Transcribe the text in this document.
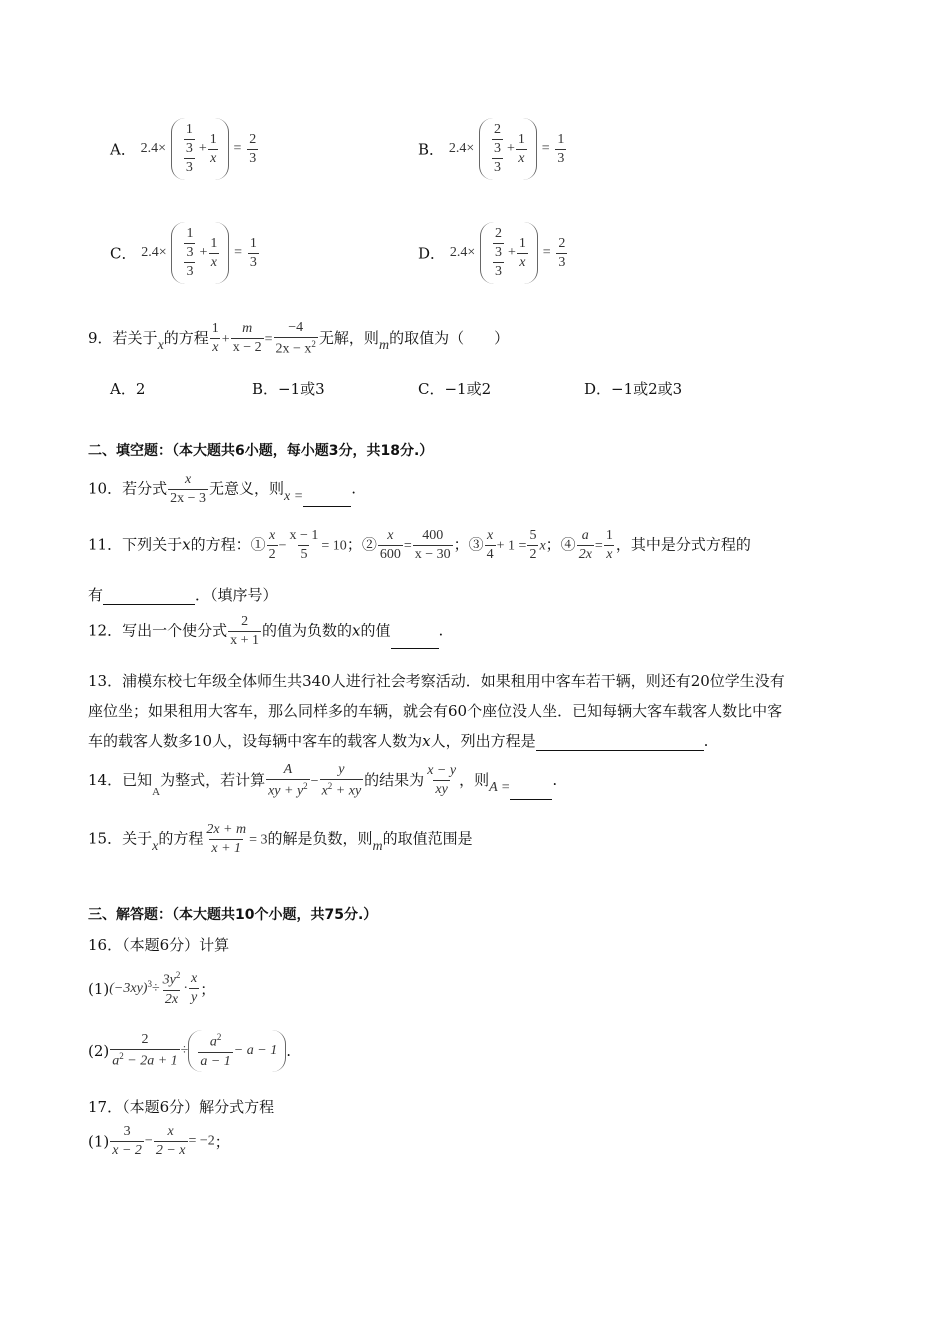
A． $2.4\times \frac{\frac{1}{3}}{3} + \frac{1}{x} = \frac{2}{3}$	B． $2.4\times \frac{\frac{2}{3}}{3} + \frac{1}{x} = \frac{1}{3}$
C． $2.4\times \frac{\frac{1}{3}}{3} + \frac{1}{x} = \frac{1}{3}$	D． $2.4\times \frac{\frac{2}{3}}{3} + \frac{1}{x} = \frac{2}{3}$
9．若关于x的方程 $\frac{1}{x} + \frac{m}{x - 2} = \frac{-4}{2x - x^2}$ 无解，则m的取值为（　　）
A．2	B．−1或3	C．−1或2	D．−1或2或3
二、填空题：（本大题共6小题，每小题3分，共18分.）
10．若分式 $\frac{x}{2x - 3}$ 无意义，则x =	.
11．下列关于x的方程：① $\frac{x}{2} - \frac{x - 1}{5} = 10$；② $\frac{x}{600} = \frac{400}{x - 30}$ ；③ $\frac{x}{4} + 1 = \frac{5}{2}$ x；④ $\frac{a}{2x} = \frac{1}{x}$ ，其中是分式方程的
有	．（填序号）
12．写出一个使分式 $\frac{2}{x + 1}$ 的值为负数的x的值	.
13．浦模东校七年级全体师生共340人进行社会考察活动．如果租用中客车若干辆，则还有20位学生没有
座位坐；如果租用大客车，那么同样多的车辆，就会有60个座位没人坐．已知每辆大客车载客人数比中客
车的载客人数多10人，设每辆中客车的载客人数为x人，列出方程是	.
14．已知$_A$为整式，若计算 $\frac{A}{xy + y^2} - \frac{y}{x^2 + xy}$ 的结果为 $\frac{x - y}{xy}$ ，则A =	.
15．关于x的方程 $\frac{2x + m}{x + 1} = 3$的解是负数，则m的取值范围是
三、解答题：（本大题共10个小题，共75分.）
16．（本题6分）计算
$(1)(-3xy)^3\div \frac{3y^2}{2x} \cdot \frac{x}{y}$ ；
$(2) \frac{2}{a^2 - 2a + 1} \div \frac{a^2}{a - 1} - a - 1$ .
17．（本题6分）解分式方程
$(1) \frac{3}{x - 2} - \frac{x}{2 - x} = -2$；
